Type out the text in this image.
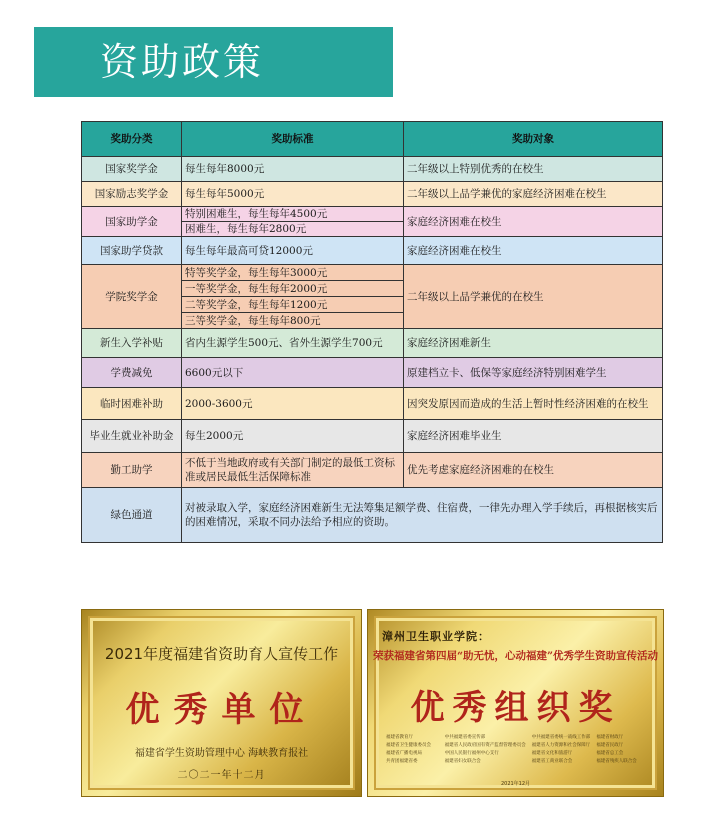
资助政策
奖助分类	奖助标准	奖助对象
国家奖学金	每生每年8000元	二年级以上特别优秀的在校生
国家励志奖学金	每生每年5000元	二年级以上品学兼优的家庭经济困难在校生
国家助学金	特别困难生，每生每年4500元	家庭经济困难在校生
	困难生，每生每年2800元	
国家助学贷款	每生每年最高可贷12000元	家庭经济困难在校生
学院奖学金	特等奖学金，每生每年3000元	二年级以上品学兼优的在校生
	一等奖学金，每生每年2000元	
	二等奖学金，每生每年1200元	
	三等奖学金，每生每年800元	
新生入学补贴	省内生源学生500元、省外生源学生700元	家庭经济困难新生
学费减免	6600元以下	原建档立卡、低保等家庭经济特别困难学生
临时困难补助	2000-3600元	因突发原因而造成的生活上暂时性经济困难的在校生
毕业生就业补助金	每生2000元	家庭经济困难毕业生
勤工助学	不低于当地政府或有关部门制定的最低工资标准或居民最低生活保障标准	优先考虑家庭经济困难的在校生
绿色通道	对被录取入学，家庭经济困难新生无法筹集足额学费、住宿费，一律先办理入学手续后，再根据核实后的困难情况，采取不同办法给予相应的资助。	
2021年度福建省资助育人宣传工作
优秀单位
福建省学生资助管理中心 海峡教育报社
二〇二一年十二月
漳州卫生职业学院：
荣获福建省第四届“助无忧，心动福建”优秀学生资助宣传活动
优秀组织奖
福建省教育厅	中共福建省委宣传部	中共福建省委统一战线工作部 福建省财政厅
福建省卫生健康委员会	福建省人民政府国有资产监督管理委员会 福建省人力资源和社会保障厅 福建省民政厅
福建省广播电视局	中国人民银行福州中心支行	福建省文化和旅游厅	福建省总工会
共青团福建省委	福建省妇女联合会	福建省工商业联合会	福建省残疾人联合会
2021年12月
